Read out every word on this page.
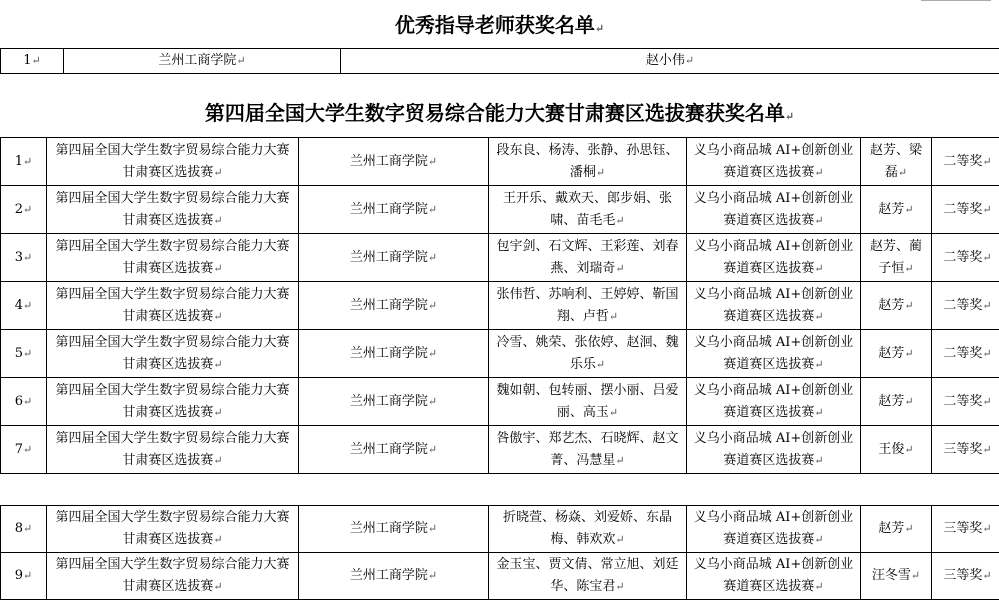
优秀指导老师获奖名单↵
1↵	兰州工商学院↵	赵小伟↵
第四届全国大学生数字贸易综合能力大赛甘肃赛区选拔赛获奖名单↵
1↵	第四届全国大学生数字贸易综合能力大赛甘肃赛区选拔赛↵	兰州工商学院↵	段东良、杨涛、张静、孙思钰、潘桐↵	义乌小商品城 AI+创新创业赛道赛区选拔赛↵	赵芳、梁磊↵	二等奖↵
2↵	第四届全国大学生数字贸易综合能力大赛甘肃赛区选拔赛↵	兰州工商学院↵	王开乐、戴欢天、郎步娟、张啸、苗毛毛↵	义乌小商品城 AI+创新创业赛道赛区选拔赛↵	赵芳↵	二等奖↵
3↵	第四届全国大学生数字贸易综合能力大赛甘肃赛区选拔赛↵	兰州工商学院↵	包宇剑、石文辉、王彩莲、刘春燕、刘瑞奇↵	义乌小商品城 AI+创新创业赛道赛区选拔赛↵	赵芳、蔺子恒↵	二等奖↵
4↵	第四届全国大学生数字贸易综合能力大赛甘肃赛区选拔赛↵	兰州工商学院↵	张伟哲、苏响利、王婷婷、靳国翔、卢哲↵	义乌小商品城 AI+创新创业赛道赛区选拔赛↵	赵芳↵	二等奖↵
5↵	第四届全国大学生数字贸易综合能力大赛甘肃赛区选拔赛↵	兰州工商学院↵	冷雪、姚荣、张依婷、赵洄、魏乐乐↵	义乌小商品城 AI+创新创业赛道赛区选拔赛↵	赵芳↵	二等奖↵
6↵	第四届全国大学生数字贸易综合能力大赛甘肃赛区选拔赛↵	兰州工商学院↵	魏如朝、包转丽、摆小丽、吕爱丽、高玉↵	义乌小商品城 AI+创新创业赛道赛区选拔赛↵	赵芳↵	二等奖↵
7↵	第四届全国大学生数字贸易综合能力大赛甘肃赛区选拔赛↵	兰州工商学院↵	咎傲宇、郑艺杰、石晓辉、赵文菁、冯慧星↵	义乌小商品城 AI+创新创业赛道赛区选拔赛↵	王俊↵	三等奖↵
8↵	第四届全国大学生数字贸易综合能力大赛甘肃赛区选拔赛↵	兰州工商学院↵	折晓萱、杨焱、刘爱娇、东晶梅、韩欢欢↵	义乌小商品城 AI+创新创业赛道赛区选拔赛↵	赵芳↵	三等奖↵
9↵	第四届全国大学生数字贸易综合能力大赛甘肃赛区选拔赛↵	兰州工商学院↵	金玉宝、贾文倩、常立旭、刘廷华、陈宝君↵	义乌小商品城 AI+创新创业赛道赛区选拔赛↵	汪冬雪↵	三等奖↵
